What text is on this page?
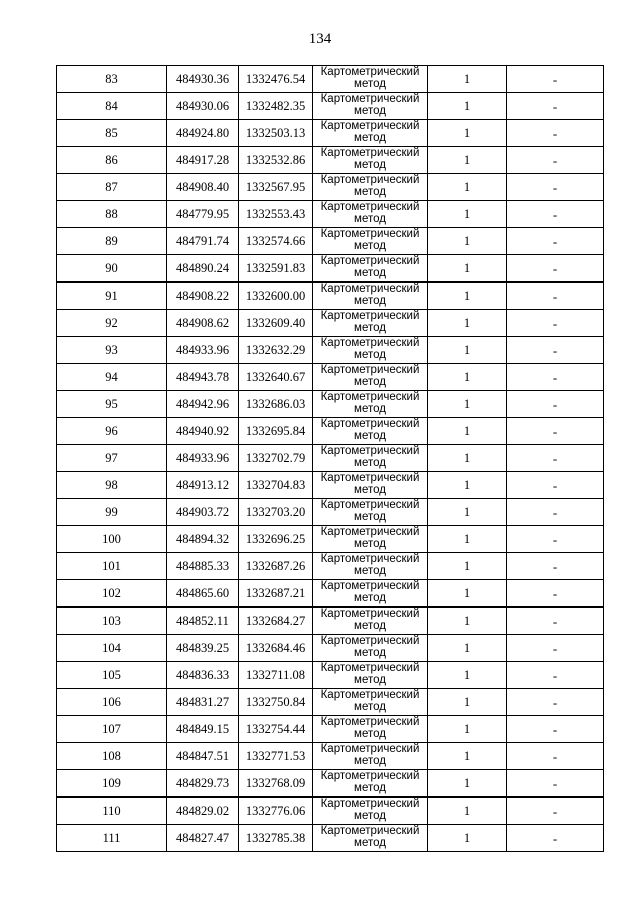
134
83	484930.36	1332476.54	Картометрический метод	1	-
84	484930.06	1332482.35	Картометрический метод	1	-
85	484924.80	1332503.13	Картометрический метод	1	-
86	484917.28	1332532.86	Картометрический метод	1	-
87	484908.40	1332567.95	Картометрический метод	1	-
88	484779.95	1332553.43	Картометрический метод	1	-
89	484791.74	1332574.66	Картометрический метод	1	-
90	484890.24	1332591.83	Картометрический метод	1	-
91	484908.22	1332600.00	Картометрический метод	1	-
92	484908.62	1332609.40	Картометрический метод	1	-
93	484933.96	1332632.29	Картометрический метод	1	-
94	484943.78	1332640.67	Картометрический метод	1	-
95	484942.96	1332686.03	Картометрический метод	1	-
96	484940.92	1332695.84	Картометрический метод	1	-
97	484933.96	1332702.79	Картометрический метод	1	-
98	484913.12	1332704.83	Картометрический метод	1	-
99	484903.72	1332703.20	Картометрический метод	1	-
100	484894.32	1332696.25	Картометрический метод	1	-
101	484885.33	1332687.26	Картометрический метод	1	-
102	484865.60	1332687.21	Картометрический метод	1	-
103	484852.11	1332684.27	Картометрический метод	1	-
104	484839.25	1332684.46	Картометрический метод	1	-
105	484836.33	1332711.08	Картометрический метод	1	-
106	484831.27	1332750.84	Картометрический метод	1	-
107	484849.15	1332754.44	Картометрический метод	1	-
108	484847.51	1332771.53	Картометрический метод	1	-
109	484829.73	1332768.09	Картометрический метод	1	-
110	484829.02	1332776.06	Картометрический метод	1	-
111	484827.47	1332785.38	Картометрический метод	1	-
